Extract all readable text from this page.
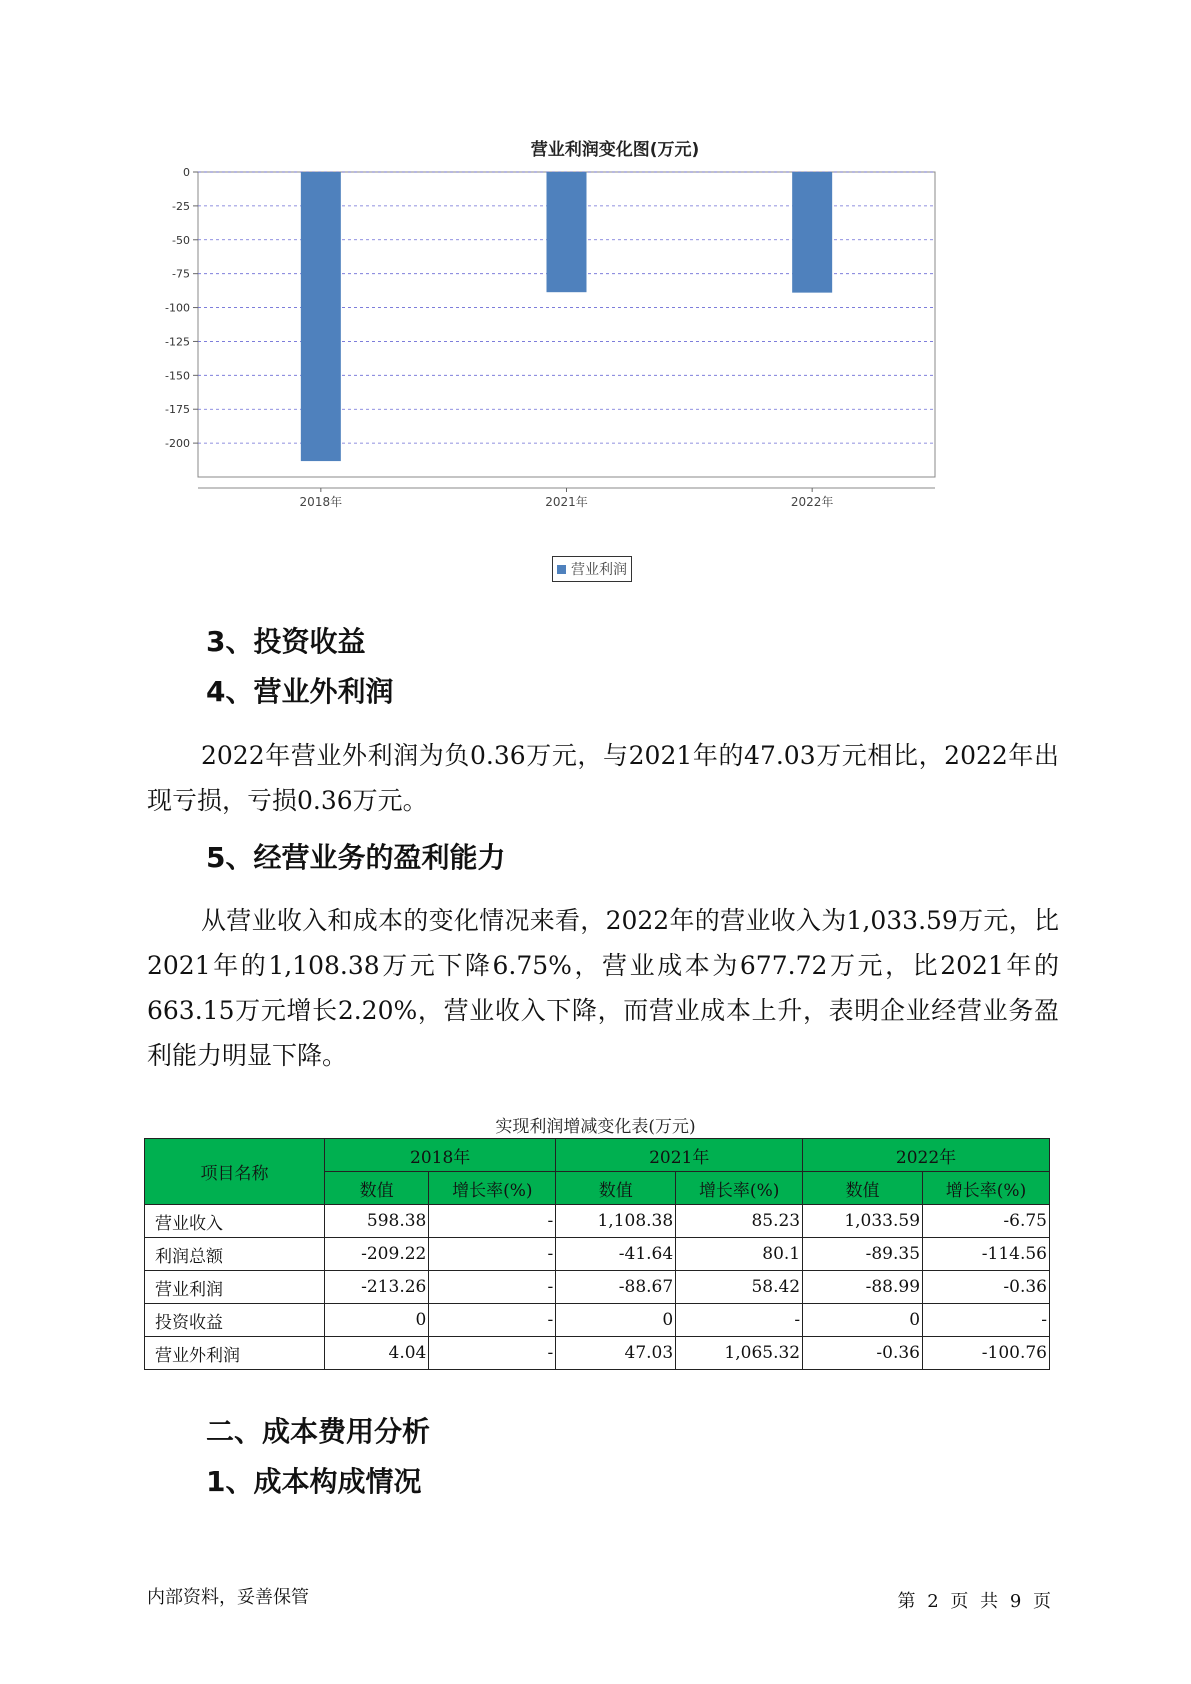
营业利润变化图(万元)
0
-25
-50
-75
-100
-125
-150
-175
-200
2018年	2021年	2022年
营业利润
3、投资收益
4、营业外利润

2022年营业外利润为负0.36万元，与2021年的47.03万元相比，2022年出现亏损，亏损0.36万元。

5、经营业务的盈利能力

从营业收入和成本的变化情况来看，2022年的营业收入为1,033.59万元，比2021年的1,108.38万元下降6.75%，营业成本为677.72万元，比2021年的663.15万元增长2.20%，营业收入下降，而营业成本上升，表明企业经营业务盈利能力明显下降。

实现利润增减变化表(万元)
项目名称	2018年		2021年		2022年	
	数值	增长率(%)	数值	增长率(%)	数值	增长率(%)
营业收入	598.38	-	1,108.38	85.23	1,033.59	-6.75
利润总额	-209.22	-	-41.64	80.1	-89.35	-114.56
营业利润	-213.26	-	-88.67	58.42	-88.99	-0.36
投资收益	0	-	0	-	0	-
营业外利润	4.04	-	47.03	1,065.32	-0.36	-100.76
二、成本费用分析
1、成本构成情况
内部资料，妥善保管	第 2 页 共 9 页
